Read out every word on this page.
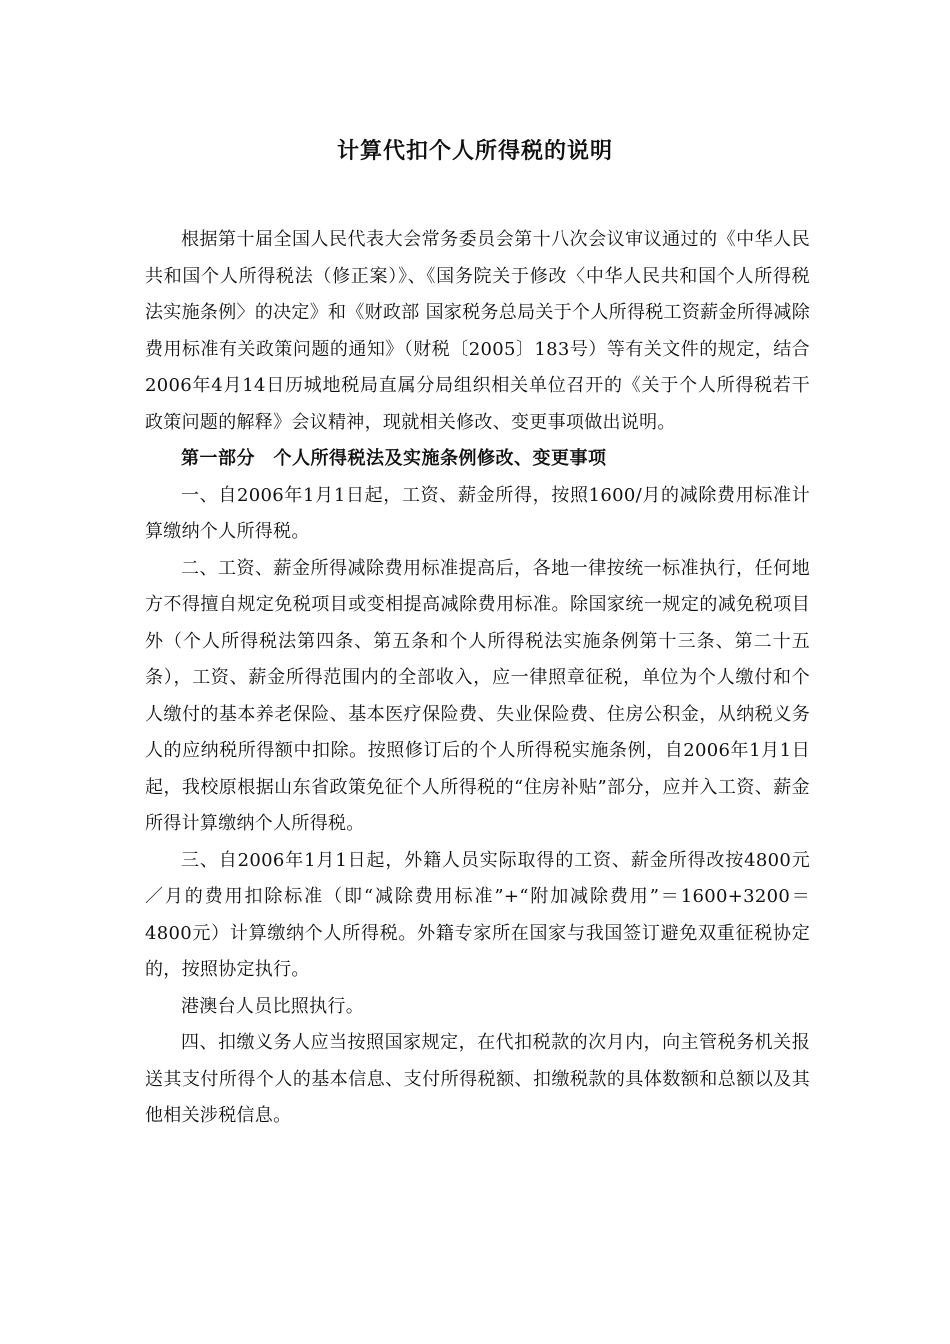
计算代扣个人所得税的说明

根据第十届全国人民代表大会常务委员会第十八次会议审议通过的《中华人民共和国个人所得税法（修正案）》、《国务院关于修改〈中华人民共和国个人所得税法实施条例〉的决定》和《财政部 国家税务总局关于个人所得税工资薪金所得减除费用标准有关政策问题的通知》（财税〔2005〕183号）等有关文件的规定，结合2006年4月14日历城地税局直属分局组织相关单位召开的《关于个人所得税若干政策问题的解释》会议精神，现就相关修改、变更事项做出说明。

第一部分　个人所得税法及实施条例修改、变更事项

一、自2006年1月1日起，工资、薪金所得，按照1600/月的减除费用标准计算缴纳个人所得税。

二、工资、薪金所得减除费用标准提高后，各地一律按统一标准执行，任何地方不得擅自规定免税项目或变相提高减除费用标准。除国家统一规定的减免税项目外（个人所得税法第四条、第五条和个人所得税法实施条例第十三条、第二十五条），工资、薪金所得范围内的全部收入，应一律照章征税，单位为个人缴付和个人缴付的基本养老保险、基本医疗保险费、失业保险费、住房公积金，从纳税义务人的应纳税所得额中扣除。按照修订后的个人所得税实施条例，自2006年1月1日起，我校原根据山东省政策免征个人所得税的“住房补贴”部分，应并入工资、薪金所得计算缴纳个人所得税。

三、自2006年1月1日起，外籍人员实际取得的工资、薪金所得改按4800元／月的费用扣除标准（即“减除费用标准”+“附加减除费用”＝1600+3200＝4800元）计算缴纳个人所得税。外籍专家所在国家与我国签订避免双重征税协定的，按照协定执行。

港澳台人员比照执行。

四、扣缴义务人应当按照国家规定，在代扣税款的次月内，向主管税务机关报送其支付所得个人的基本信息、支付所得税额、扣缴税款的具体数额和总额以及其他相关涉税信息。
